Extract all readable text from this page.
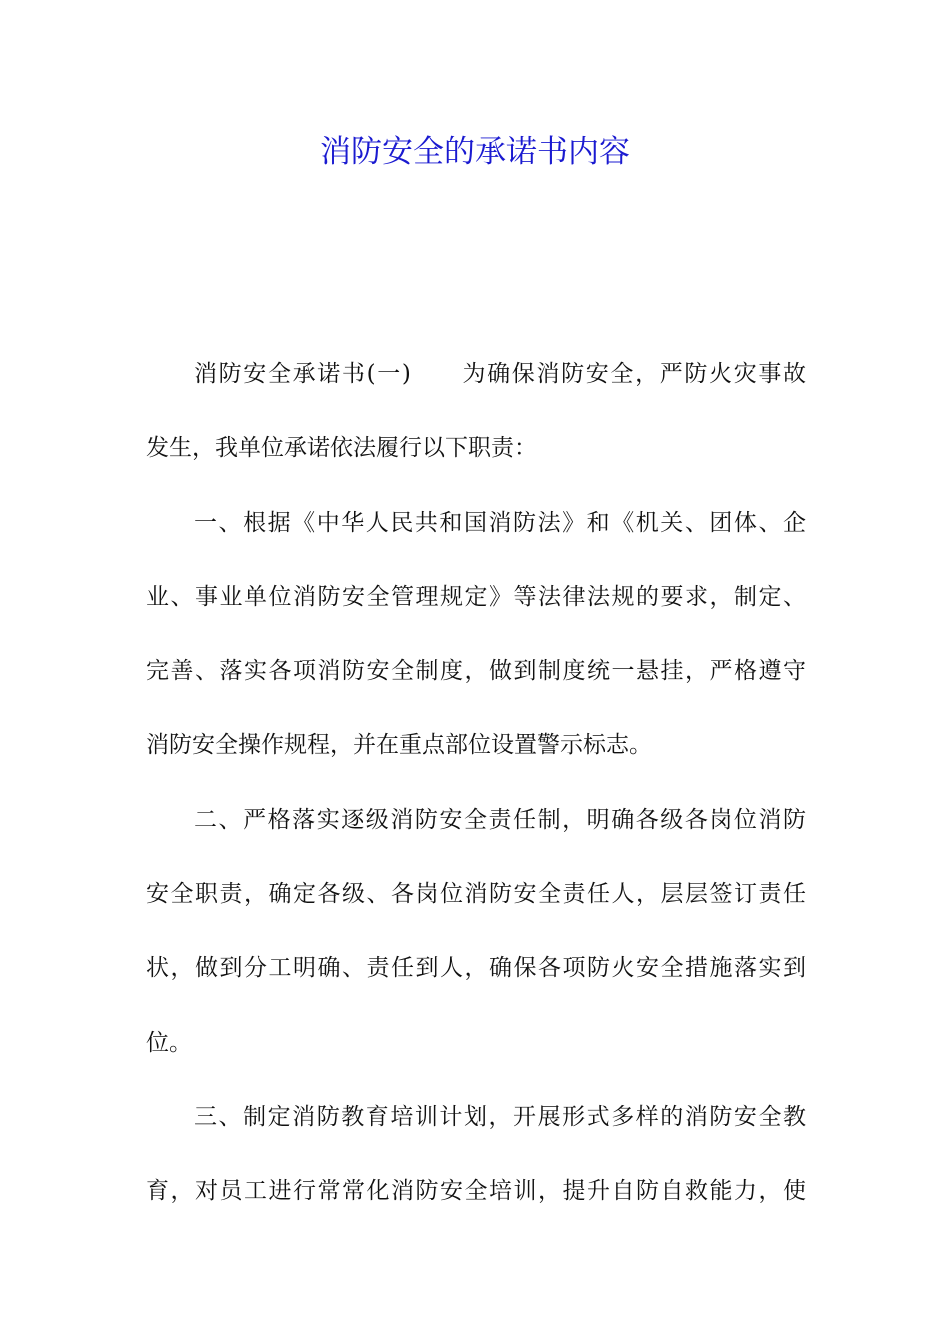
消防安全的承诺书内容
消防安全承诺书(一) 为确保消防安全，严防火灾事故
发生，我单位承诺依法履行以下职责：
一、根据《中华人民共和国消防法》和《机关、团体、企
业、事业单位消防安全管理规定》等法律法规的要求，制定、
完善、落实各项消防安全制度，做到制度统一悬挂，严格遵守
消防安全操作规程，并在重点部位设置警示标志。
二、严格落实逐级消防安全责任制，明确各级各岗位消防
安全职责，确定各级、各岗位消防安全责任人，层层签订责任
状，做到分工明确、责任到人，确保各项防火安全措施落实到
位。
三、制定消防教育培训计划，开展形式多样的消防安全教
育，对员工进行常常化消防安全培训，提升自防自救能力，使
